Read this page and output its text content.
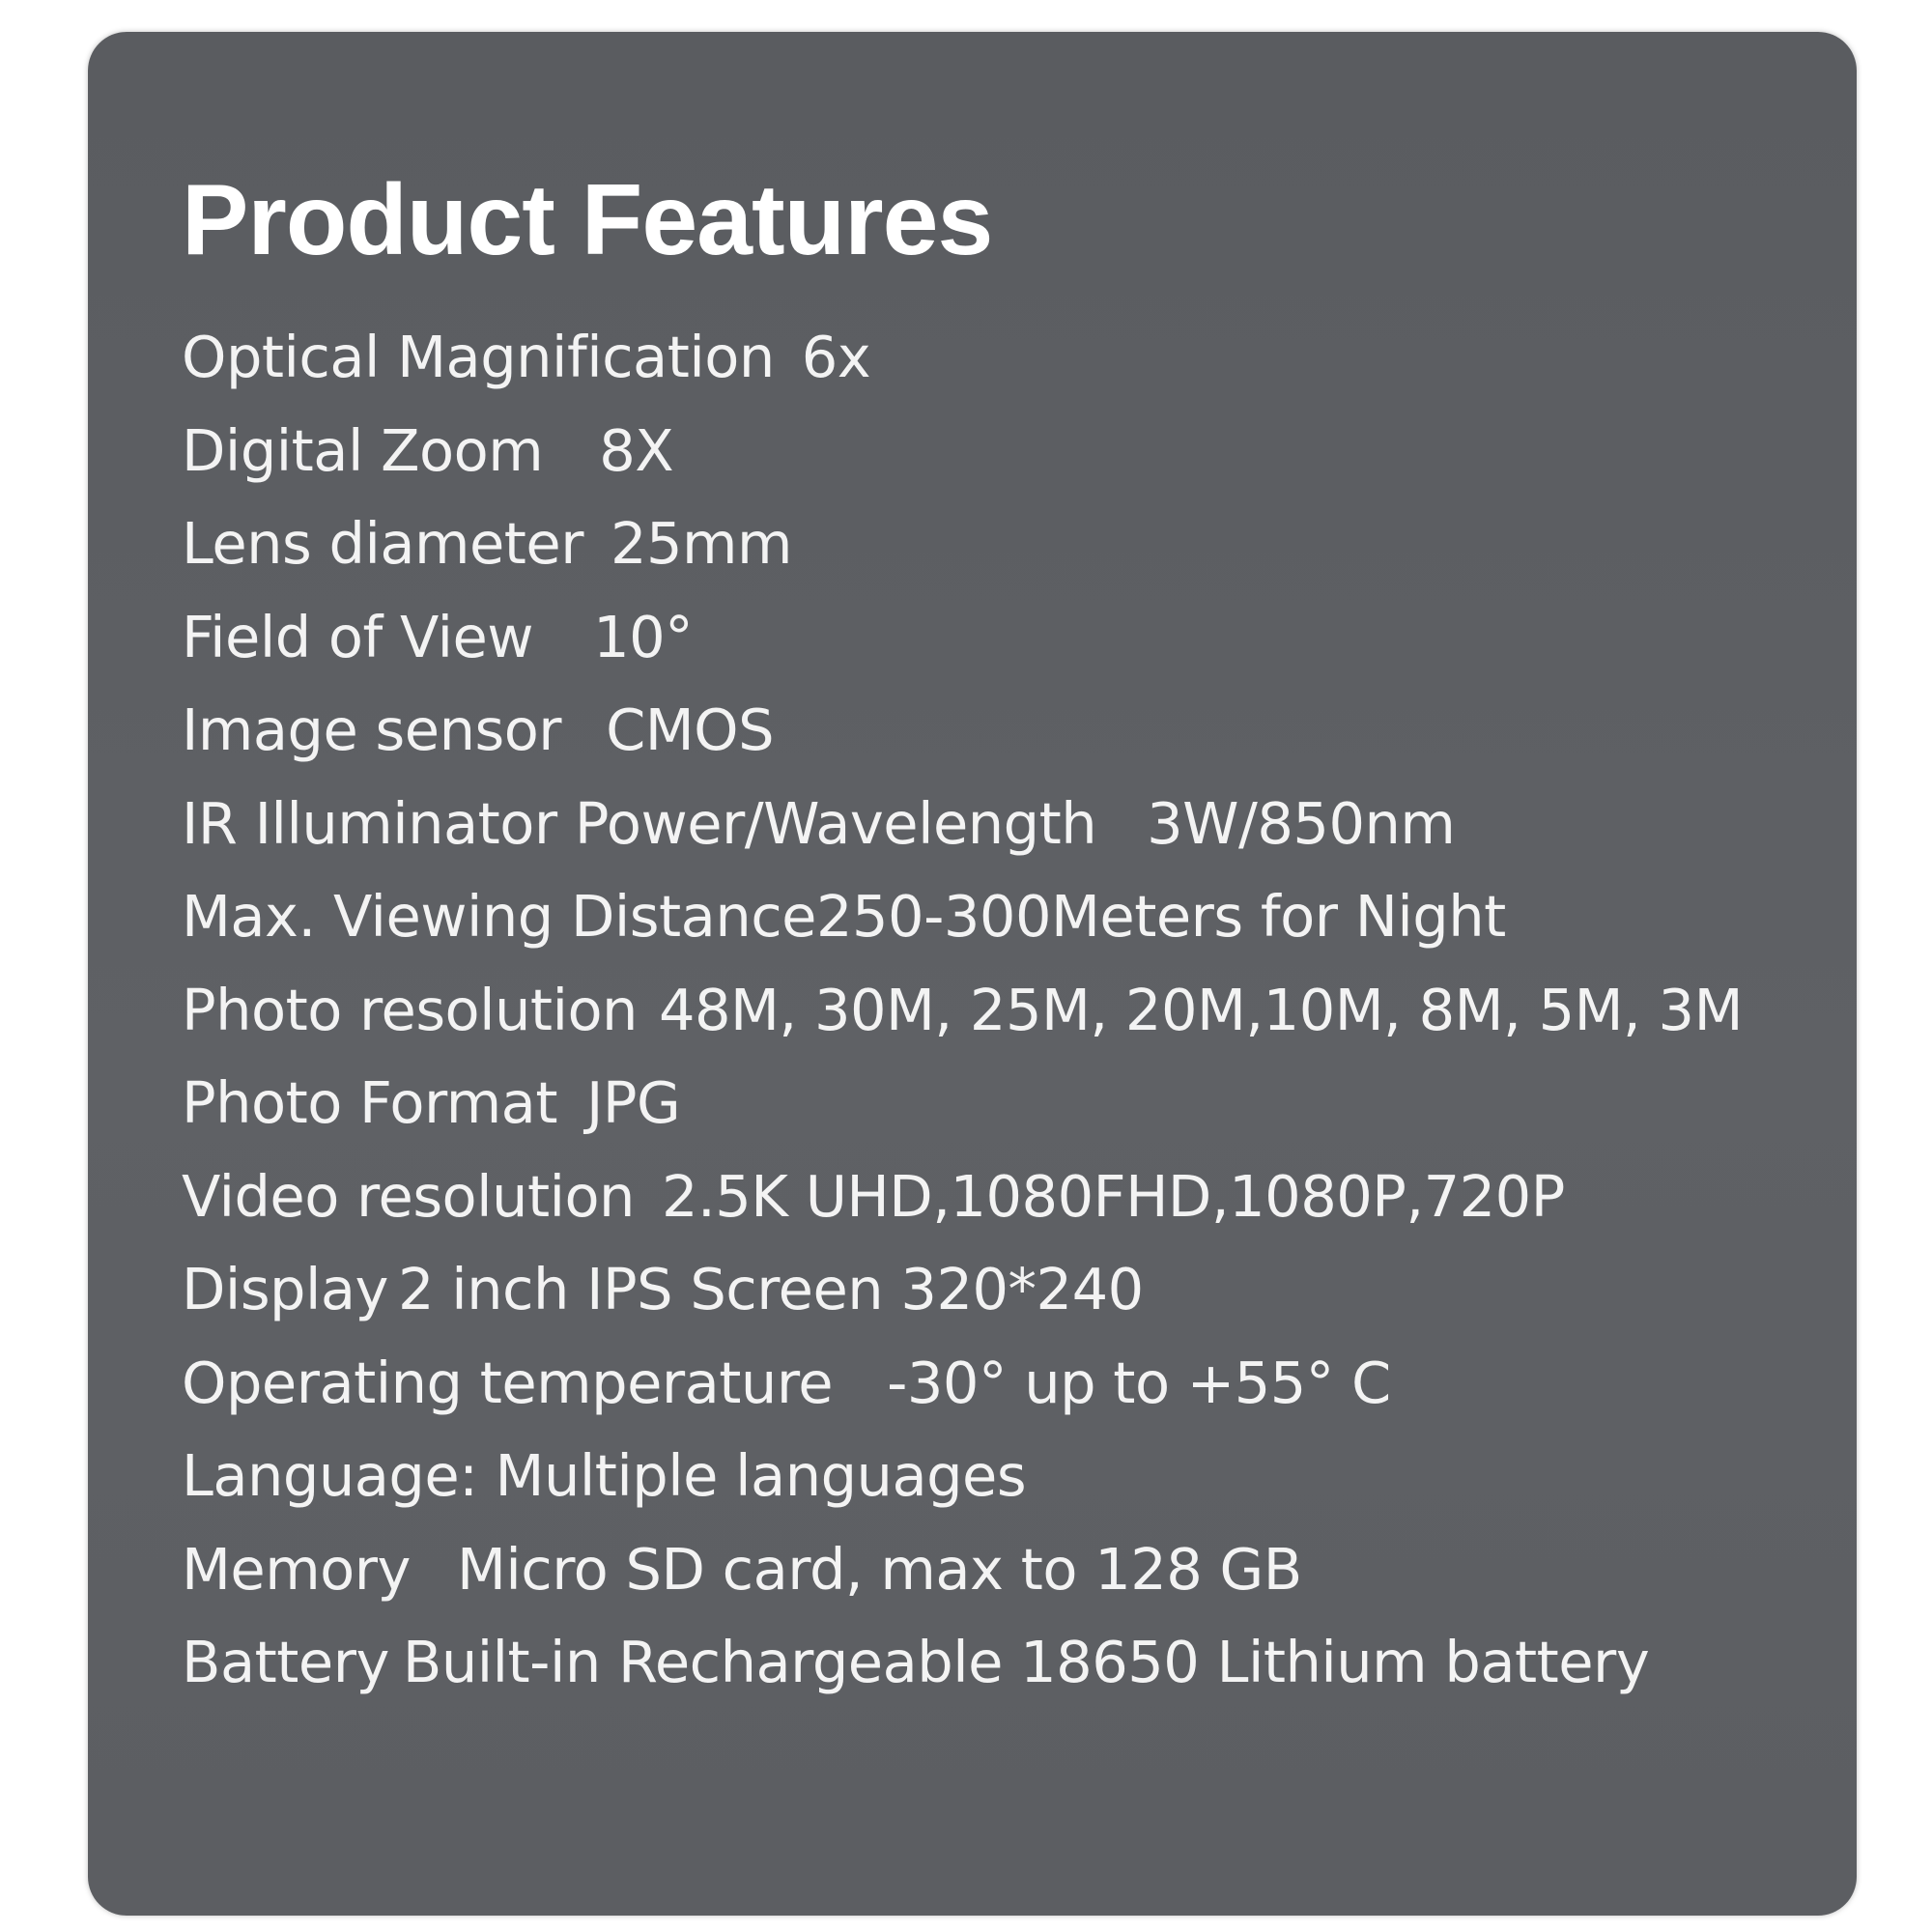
Product Features
Optical Magnification 6x
Digital Zoom 8X
Lens diameter 25mm
Field of View 10°
Image sensor CMOS
IR Illuminator Power/Wavelength 3W/850nm
Max. Viewing Distance250-300Meters for Night
Photo resolution 48M, 30M, 25M, 20M,10M, 8M, 5M, 3M
Photo Format JPG
Video resolution 2.5K UHD,1080FHD,1080P,720P
Display 2 inch IPS Screen 320*240
Operating temperature -30° up to +55° C
Language: Multiple languages
Memory Micro SD card, max to 128 GB
Battery Built-in Rechargeable 18650 Lithium battery
